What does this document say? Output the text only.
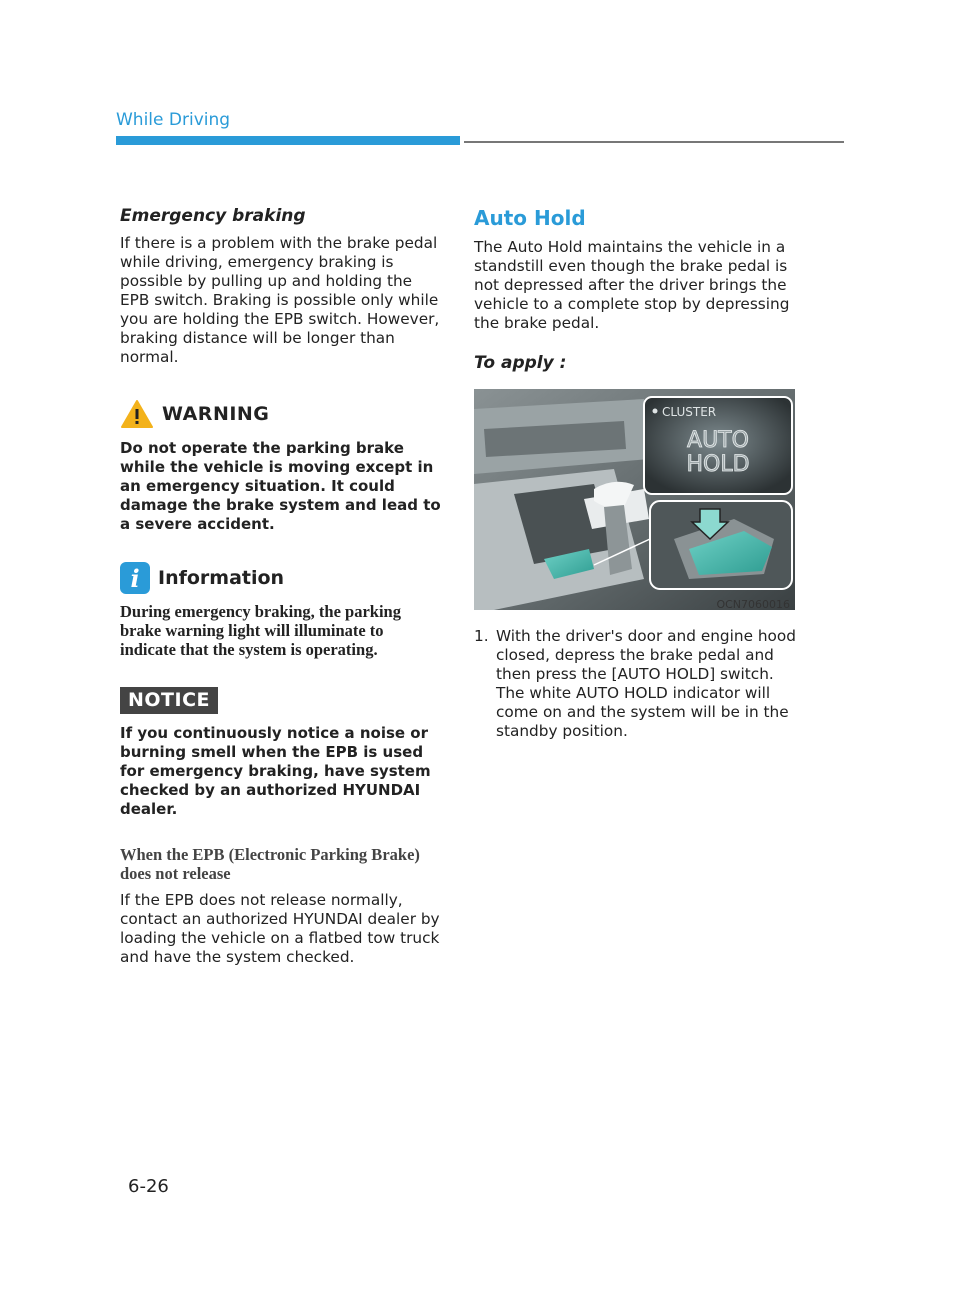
While Driving
Emergency braking

If there is a problem with the brake pedal while driving, emergency braking is possible by pulling up and holding the EPB switch. Braking is possible only while you are holding the EPB switch. However, braking distance will be longer than normal.

WARNING

Do not operate the parking brake while the vehicle is moving except in an emergency situation. It could damage the brake system and lead to a severe accident.

i Information

During emergency braking, the parking brake warning light will illuminate to indicate that the system is operating.

NOTICE

If you continuously notice a noise or burning smell when the EPB is used for emergency braking, have system checked by an authorized HYUNDAI dealer.

When the EPB (Electronic Parking Brake) does not release

If the EPB does not release normally, contact an authorized HYUNDAI dealer by loading the vehicle on a flatbed tow truck and have the system checked.

Auto Hold

The Auto Hold maintains the vehicle in a standstill even though the brake pedal is not depressed after the driver brings the vehicle to a complete stop by depressing the brake pedal.

To apply :
CLUSTER
AUTO
HOLD
OCN7060016
1. With the driver's door and engine hood closed, depress the brake pedal and then press the [AUTO HOLD] switch. The white AUTO HOLD indicator will come on and the system will be in the standby position.
6-26
